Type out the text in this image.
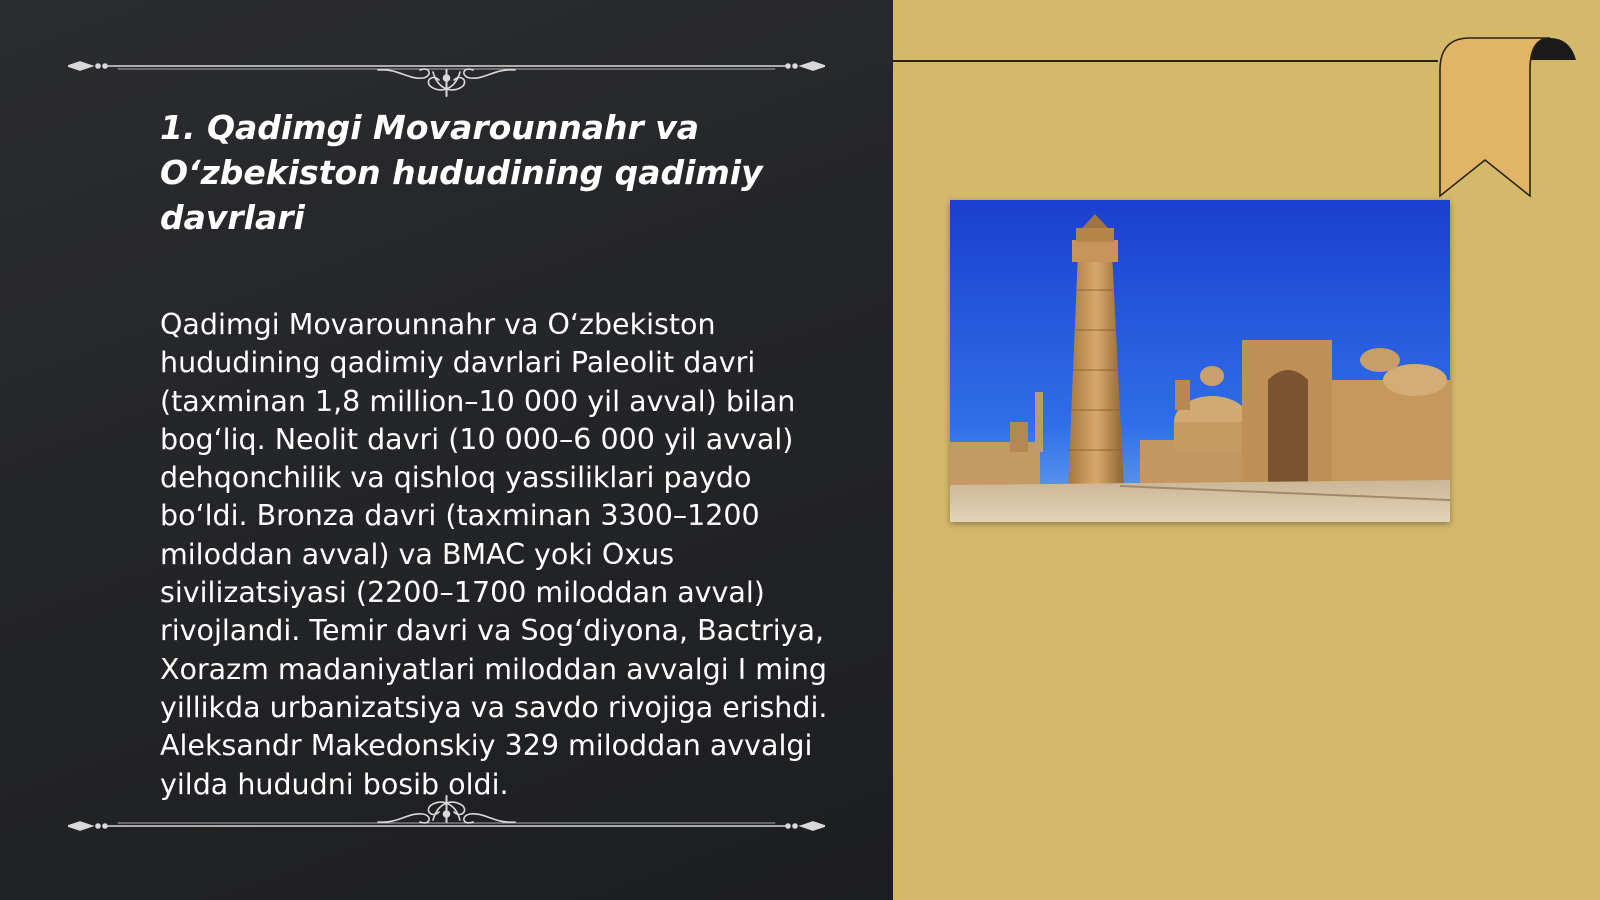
1. Qadimgi Movarounnahr va O‘zbekiston hududining qadimiy davrlari

Qadimgi Movarounnahr va O‘zbekiston hududining qadimiy davrlari Paleolit davri (taxminan 1,8 million–10 000 yil avval) bilan bog‘liq. Neolit davri (10 000–6 000 yil avval) dehqonchilik va qishloq yassiliklari paydo bo‘ldi. Bronza davri (taxminan 3300–1200 miloddan avval) va BMAC yoki Oxus sivilizatsiyasi (2200–1700 miloddan avval) rivojlandi. Temir davri va Sog‘diyona, Bactriya, Xorazm madaniyatlari miloddan avvalgi I ming yillikda urbanizatsiya va savdo rivojiga erishdi. Aleksandr Makedonskiy 329 miloddan avvalgi yilda hududni bosib oldi.
